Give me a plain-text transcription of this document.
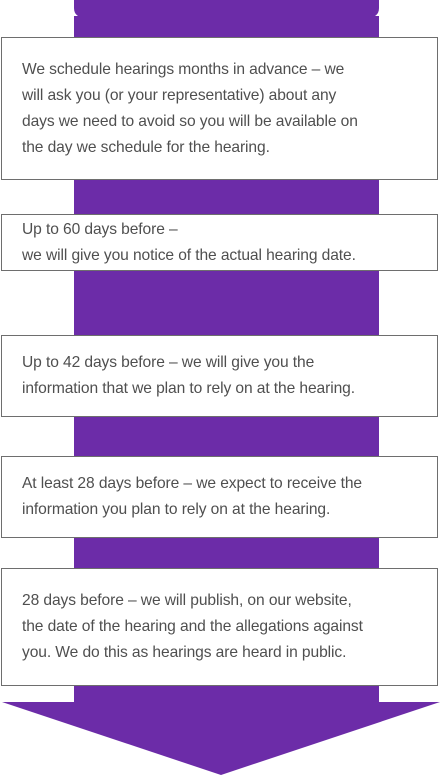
We schedule hearings months in advance – we
will ask you (or your representative) about any
days we need to avoid so you will be available on
the day we schedule for the hearing.
Up to 60 days before –
we will give you notice of the actual hearing date.
Up to 42 days before – we will give you the
information that we plan to rely on at the hearing.
At least 28 days before – we expect to receive the
information you plan to rely on at the hearing.
28 days before – we will publish, on our website,
the date of the hearing and the allegations against
you. We do this as hearings are heard in public.
